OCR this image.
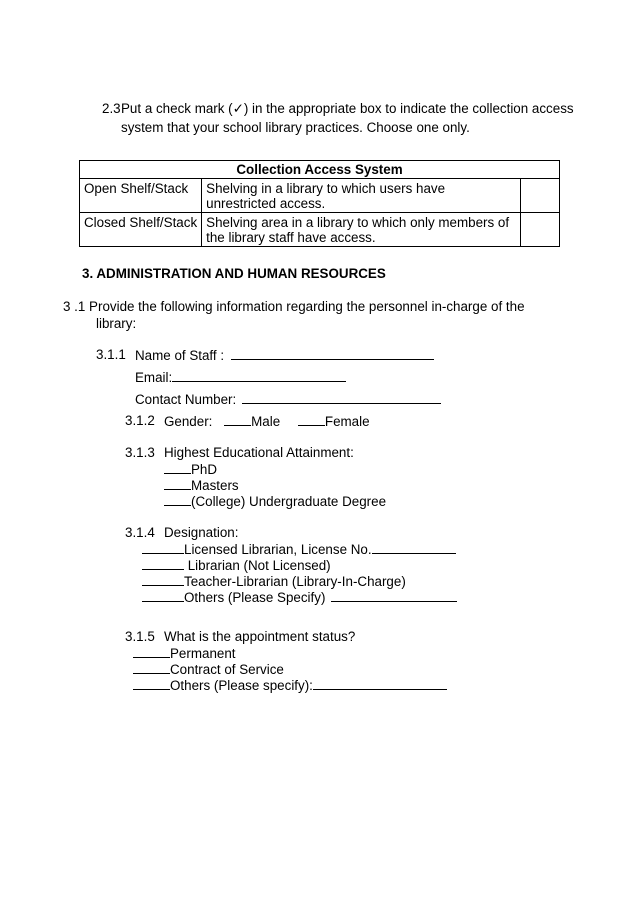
2.3 Put a check mark (✓) in the appropriate box to indicate the collection access
system that your school library practices. Choose one only.
Collection Access System		
Open Shelf/Stack	Shelving in a library to which users have unrestricted access.	
Closed Shelf/Stack	Shelving area in a library to which only members of the library staff have access.	
3. ADMINISTRATION AND HUMAN RESOURCES
3 .1 Provide the following information regarding the personnel in-charge of the
library:
3.1.1 Name of Staff :
Email:
Contact Number:
3.1.2 Gender:	Male	Female
3.1.3 Highest Educational Attainment:
PhD
Masters
(College) Undergraduate Degree
3.1.4 Designation:
Licensed Librarian, License No.
Librarian (Not Licensed)
Teacher-Librarian (Library-In-Charge)
Others (Please Specify)
3.1.5 What is the appointment status?
Permanent
Contract of Service
Others (Please specify):
